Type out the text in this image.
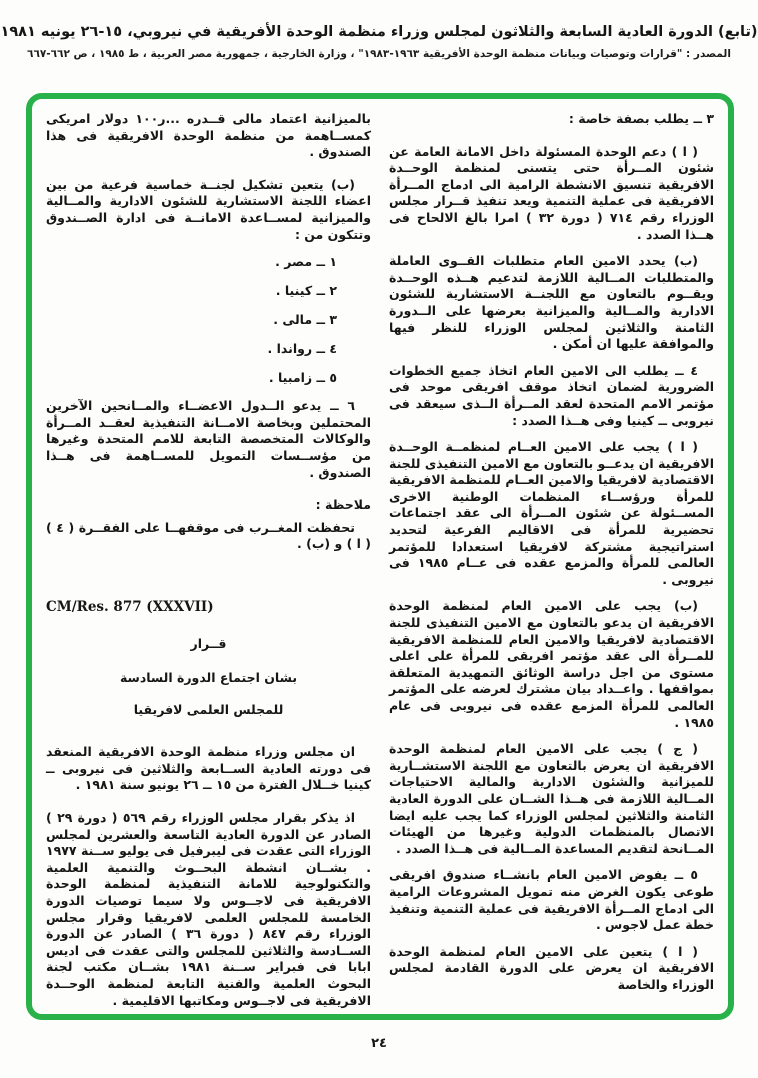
(تابع) الدورة العادية السابعة والثلاثون لمجلس وزراء منظمة الوحدة الأفريقية في نيروبي، ١٥-٢٦ يونيه ١٩٨١
المصدر : "قرارات وتوصيات وبيانات منظمة الوحدة الأفريقية ١٩٦٣-١٩٨٣" ، وزارة الخارجية ، جمهورية مصر العربية ، ط ١٩٨٥ ، ص ٦٦٢-٦٦٧

٣ ــ يطلب بصفة خاصة :

( ا ) دعم الوحدة المسئولة داخل الامانة العامة عن شئون المــرأة حتى يتسنى لمنظمة الوحــدة الافريقية تنسيق الانشطة الرامية الى ادماج المــرأة الافريقية فى عملية التنمية ويعد تنفيذ قــرار مجلس الوزراء رقم ٧١٤ ( دورة ٣٢ ) امرا بالغ الالحاح فى هــذا الصدد .

(ب) يحدد الامين العام متطلبات القــوى العاملة والمتطلبات المــالية اللازمة لتدعيم هــذه الوحــدة ويقــوم بالتعاون مع اللجنــة الاستشارية للشئون الادارية والمــالية والميزانية بعرضها على الــدورة الثامنة والثلاثين لمجلس الوزراء للنظر فيها والموافقة عليها ان أمكن .

٤ ــ يطلب الى الامين العام اتخاذ جميع الخطوات الضرورية لضمان اتخاذ موقف افريقى موحد فى مؤتمر الامم المتحدة لعقد المــرأة الــذى سيعقد فى نيروبى ــ كينيا وفى هــذا الصدد :

( ا ) يجب على الامين العــام لمنظمــة الوحــدة الافريقية ان يدعــو بالتعاون مع الامين التنفيذى للجنة الاقتصادية لافريقيا والامين العــام للمنظمة الافريقية للمرأة ورؤســاء المنظمات الوطنية الاخرى المســئولة عن شئون المــرأة الى عقد اجتماعات تحضيرية للمرأة فى الاقاليم الفرعية لتحديد استراتيجية مشتركة لافريقيا استعدادا للمؤتمر العالمى للمرأة والمزمع عقده فى عــام ١٩٨٥ فى نيروبى .

(ب) يجب على الامين العام لمنظمة الوحدة الافريقية ان يدعو بالتعاون مع الامين التنفيذى للجنة الاقتصادية لافريقيا والامين العام للمنظمة الافريقية للمــرأة الى عقد مؤتمر افريقى للمرأة على اعلى مستوى من اجل دراسة الوثائق التمهيدية المتعلقة بمواقفها . واعــداد بيان مشترك لعرضه على المؤتمر العالمى للمرأة المزمع عقده فى نيروبى فى عام ١٩٨٥ .

( ج ) يجب على الامين العام لمنظمة الوحدة الافريقية ان يعرض بالتعاون مع اللجنة الاستشــارية للميزانية والشئون الادارية والمالية الاحتياجات المــالية اللازمة فى هــذا الشــان على الدورة العادية الثامنة والثلاثين لمجلس الوزراء كما يجب عليه ايضا الاتصال بالمنظمات الدولية وغيرها من الهيئات المــانحة لتقديم المساعدة المــالية فى هــذا الصدد .

٥ ــ يفوض الامين العام بانشــاء صندوق افريقى طوعى يكون الغرض منه تمويل المشروعات الرامية الى ادماج المــرأة الافريقية فى عملية التنمية وتنفيذ خطة عمل لاجوس .

( ا ) يتعين على الامين العام لمنظمة الوحدة الافريقية ان يعرض على الدورة القادمة لمجلس الوزراء والخاصة

بالميزانية اعتماد مالى قــدره ...ر١٠٠ دولار امريكى كمســاهمة من منظمة الوحدة الافريقية فى هذا الصندوق .

(ب) يتعين تشكيل لجنــة خماسية فرعية من بين اعضاء اللجنة الاستشارية للشئون الادارية والمــالية والميزانية لمســاعدة الامانــة فى ادارة الصــندوق وتتكون من :

١ ــ مصر .
٢ ــ كينيا .
٣ ــ مالى .
٤ ــ رواندا .
٥ ــ زامبيا .

٦ ــ يدعو الــدول الاعضــاء والمــانحين الآخرين المحتملين وبخاصة الامــانة التنفيذية لعقــد المــرأة والوكالات المتخصصة التابعة للامم المتحدة وغيرها من مؤســسات التمويل للمســاهمة فى هــذا الصندوق .

ملاحظة :

تحفظت المغــرب فى موقفهــا على الفقــرة ( ٤ ) ( ا ) و (ب) .

CM/Res. 877 (XXXVII)

قــرار

بشان اجتماع الدورة السادسة

للمجلس العلمى لافريقيا

ان مجلس وزراء منظمة الوحدة الافريقية المنعقد فى دورته العادية الســابعة والثلاثين فى نيروبى ــ كينيا خــلال الفترة من ١٥ ــ ٢٦ يونيو سنة ١٩٨١ .

اذ يذكر بقرار مجلس الوزراء رقم ٥٦٩ ( دورة ٢٩ ) الصادر عن الدورة العادية التاسعة والعشرين لمجلس الوزراء التى عقدت فى ليبرفيل فى يوليو ســنة ١٩٧٧ . بشــان انشطة البحــوث والتنمية العلمية والتكنولوجية للامانة التنفيذية لمنظمة الوحدة الافريقية فى لاجــوس ولا سيما توصيات الدورة الخامسة للمجلس العلمى لافريقيا وقرار مجلس الوزراء رقم ٨٤٧ ( دورة ٣٦ ) الصادر عن الدورة الســادسة والثلاثين للمجلس والتى عقدت فى اديس ابابا فى فبراير ســنة ١٩٨١ بشــان مكتب لجنة البحوث العلمية والفنية التابعة لمنظمة الوحــدة الافريقية فى لاجــوس ومكاتبها الاقليمية .

٢٤
